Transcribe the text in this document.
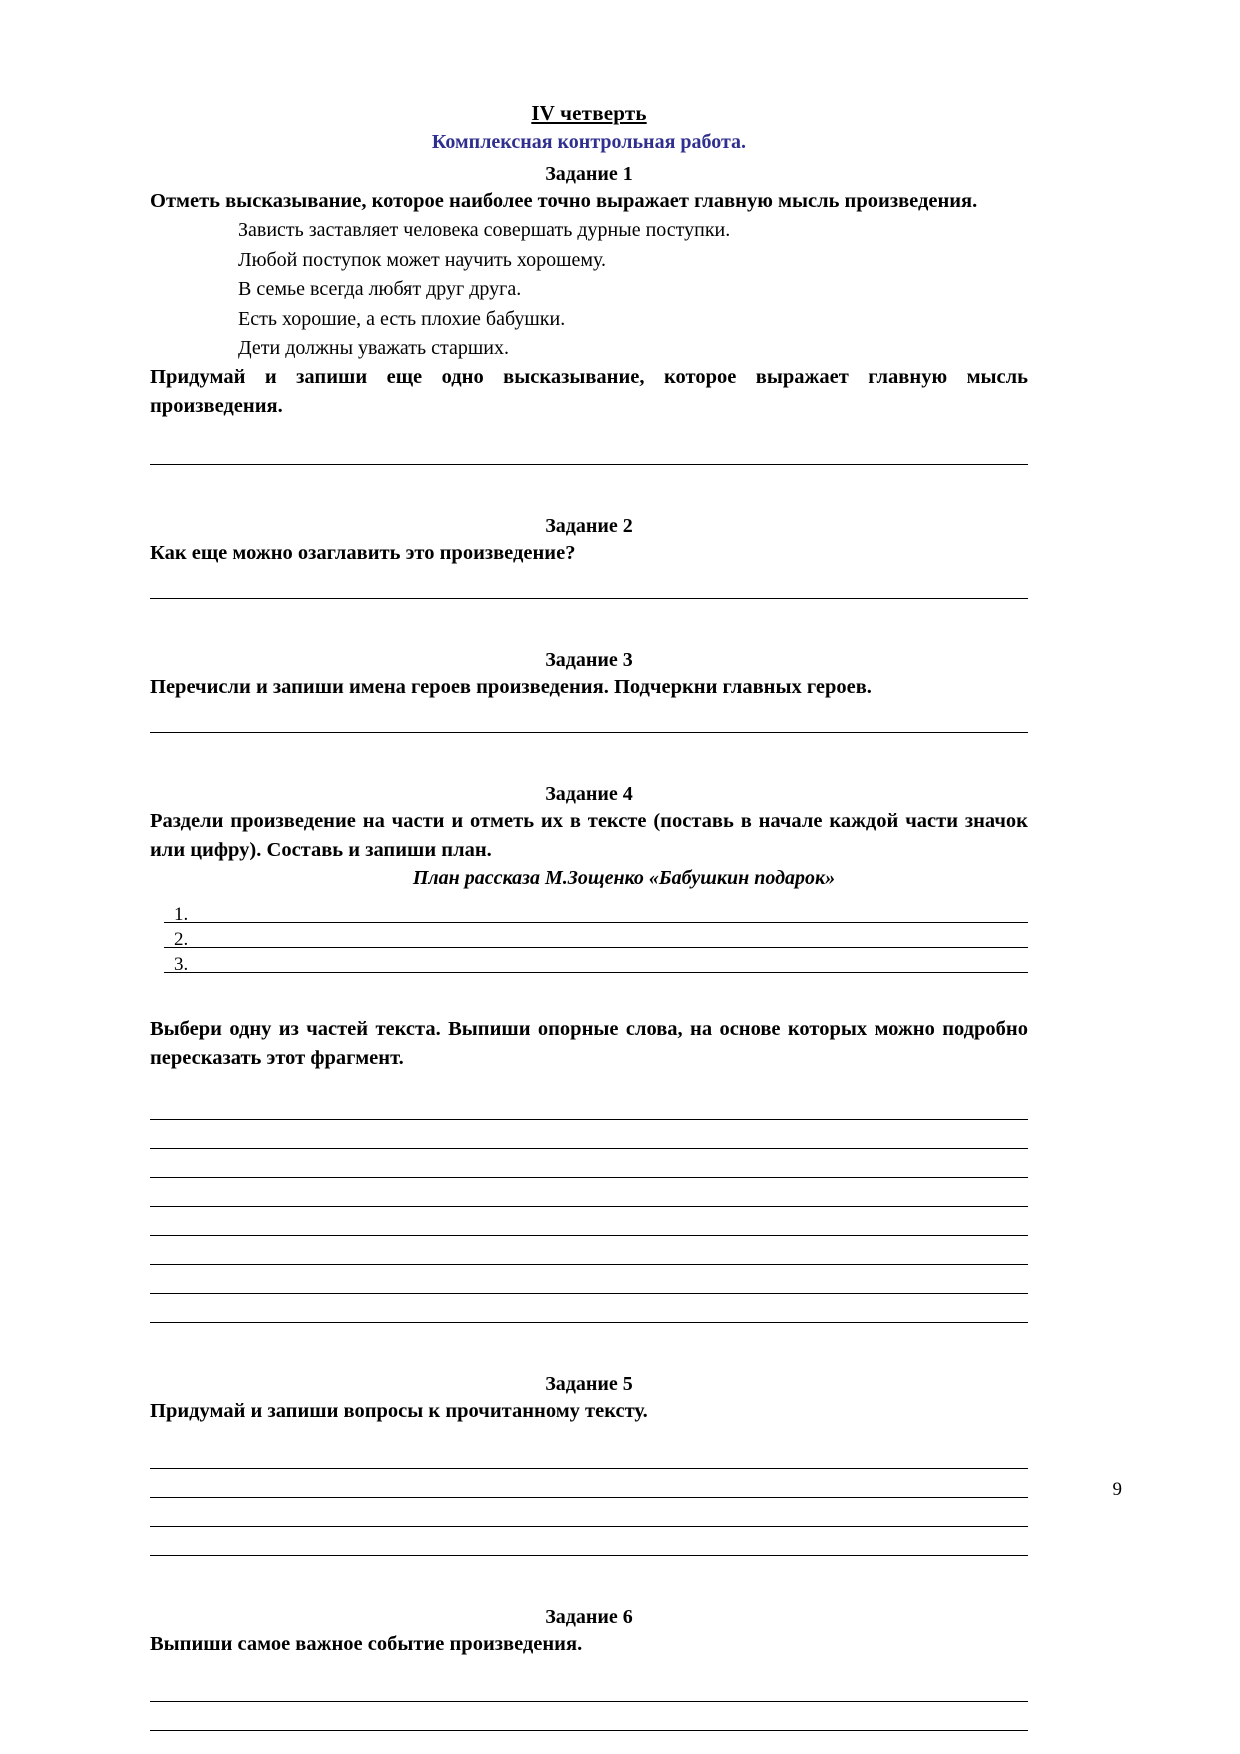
IV четверть
Комплексная контрольная работа.
Задание 1

Отметь высказывание, которое наиболее точно выражает главную мысль произведения.

Зависть заставляет человека совершать дурные поступки.
Любой поступок может научить хорошему.
В семье всегда любят друг друга.
Есть хорошие, а есть плохие бабушки.
Дети должны уважать старших.

Придумай и запиши еще одно высказывание, которое выражает главную мысль произведения.

Задание 2

Как еще можно озаглавить это произведение?

Задание 3

Перечисли и запиши имена героев произведения. Подчеркни главных героев.

Задание 4

Раздели произведение на части и отметь их в тексте (поставь в начале каждой части значок или цифру). Составь и запиши план.

План рассказа М.Зощенко «Бабушкин подарок»
1.
2.
3.

Выбери одну из частей текста. Выпиши опорные слова, на основе которых можно подробно пересказать этот фрагмент.

Задание 5

Придумай и запиши вопросы к прочитанному тексту.

Задание 6

Выпиши самое важное событие произведения.

9
